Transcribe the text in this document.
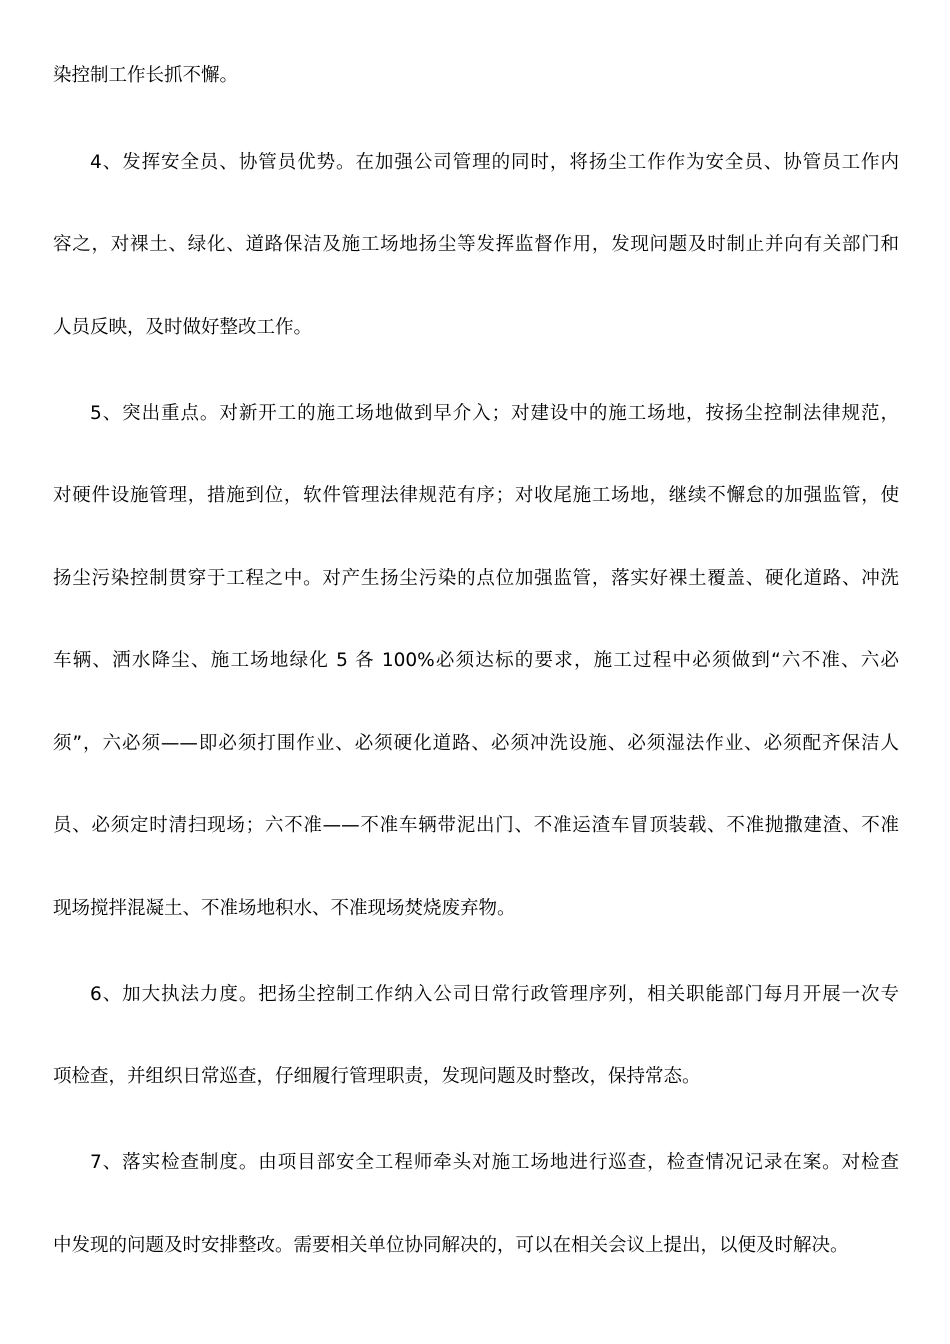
染控制工作长抓不懈。
4、发挥安全员、协管员优势。在加强公司管理的同时，将扬尘工作作为安全员、协管员工作内
容之，对裸土、绿化、道路保洁及施工场地扬尘等发挥监督作用，发现问题及时制止并向有关部门和
人员反映，及时做好整改工作。
5、突出重点。对新开工的施工场地做到早介入；对建设中的施工场地，按扬尘控制法律规范，
对硬件设施管理，措施到位，软件管理法律规范有序；对收尾施工场地，继续不懈怠的加强监管，使
扬尘污染控制贯穿于工程之中。对产生扬尘污染的点位加强监管，落实好裸土覆盖、硬化道路、冲洗
车辆、洒水降尘、施工场地绿化 5 各 100%必须达标的要求，施工过程中必须做到“六不准、六必
须”，六必须——即必须打围作业、必须硬化道路、必须冲洗设施、必须湿法作业、必须配齐保洁人
员、必须定时清扫现场；六不准——不准车辆带泥出门、不准运渣车冒顶装载、不准抛撒建渣、不准
现场搅拌混凝土、不准场地积水、不准现场焚烧废弃物。
6、加大执法力度。把扬尘控制工作纳入公司日常行政管理序列，相关职能部门每月开展一次专
项检查，并组织日常巡查，仔细履行管理职责，发现问题及时整改，保持常态。
7、落实检查制度。由项目部安全工程师牵头对施工场地进行巡查，检查情况记录在案。对检查
中发现的问题及时安排整改。需要相关单位协同解决的，可以在相关会议上提出，以便及时解决。
